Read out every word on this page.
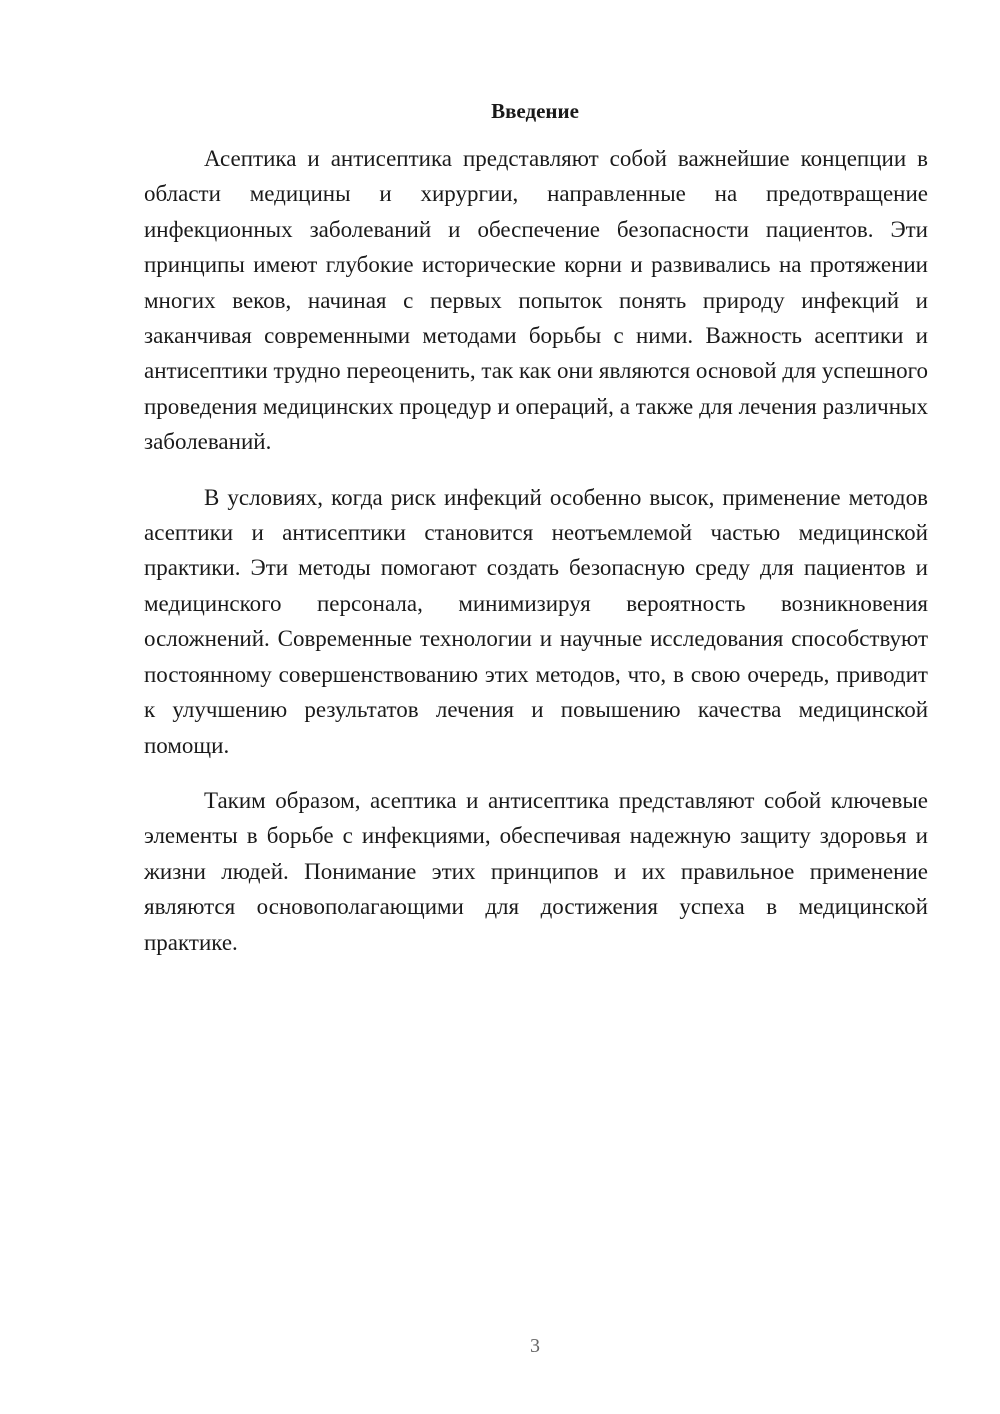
Введение

Асептика и антисептика представляют собой важнейшие концепции в области медицины и хирургии, направленные на предотвращение инфекционных заболеваний и обеспечение безопасности пациентов. Эти принципы имеют глубокие исторические корни и развивались на протяжении многих веков, начиная с первых попыток понять природу инфекций и заканчивая современными методами борьбы с ними. Важность асептики и антисептики трудно переоценить, так как они являются основой для успешного проведения медицинских процедур и операций, а также для лечения различных заболеваний.

В условиях, когда риск инфекций особенно высок, применение методов асептики и антисептики становится неотъемлемой частью медицинской практики. Эти методы помогают создать безопасную среду для пациентов и медицинского персонала, минимизируя вероятность возникновения осложнений. Современные технологии и научные исследования способствуют постоянному совершенствованию этих методов, что, в свою очередь, приводит к улучшению результатов лечения и повышению качества медицинской помощи.

Таким образом, асептика и антисептика представляют собой ключевые элементы в борьбе с инфекциями, обеспечивая надежную защиту здоровья и жизни людей. Понимание этих принципов и их правильное применение являются основополагающими для достижения успеха в медицинской практике.

3
